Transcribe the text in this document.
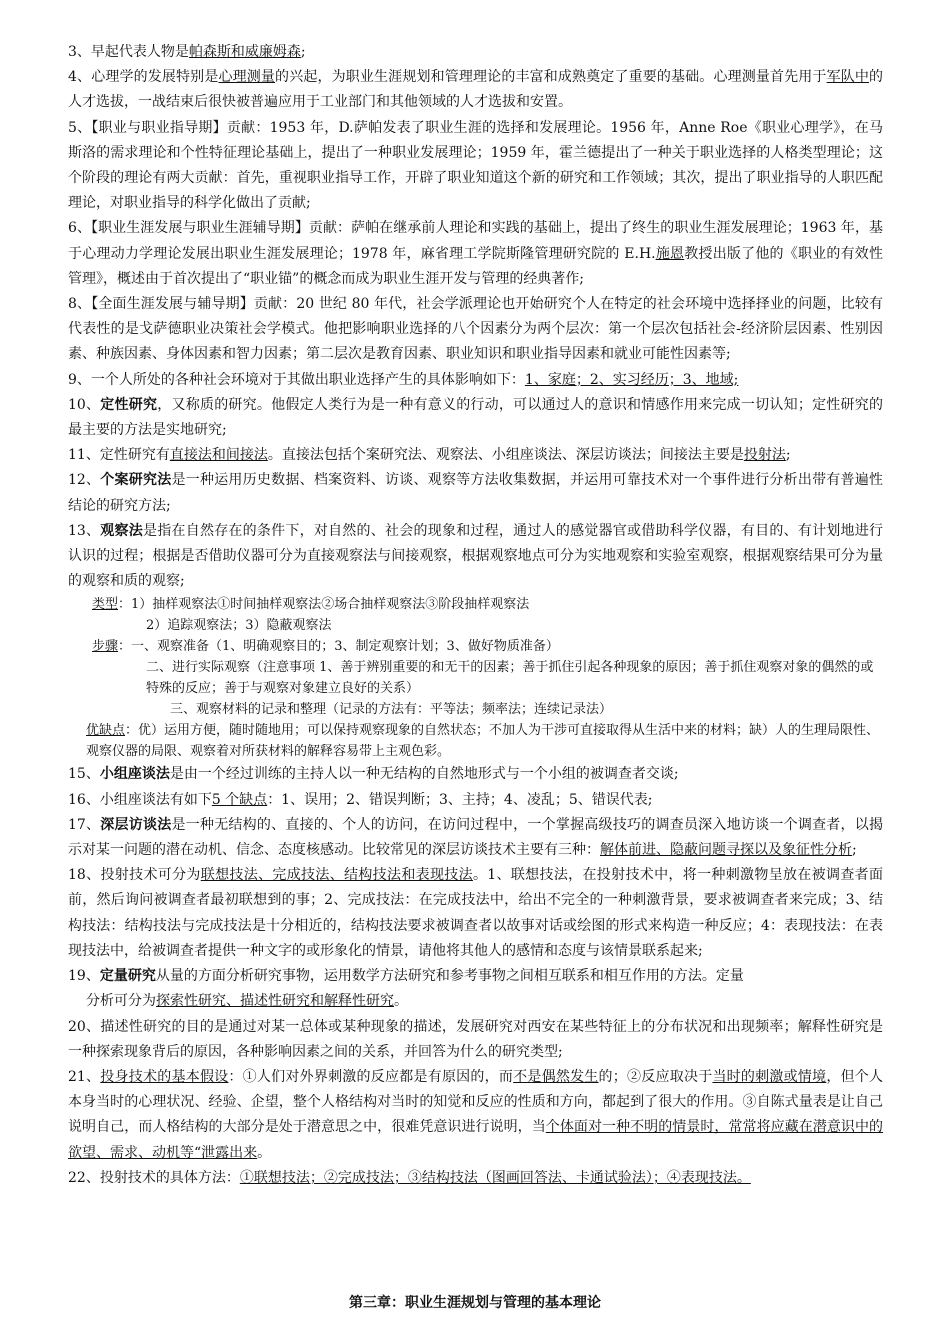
3、早起代表人物是帕森斯和威廉姆森;
4、心理学的发展特别是心理测量的兴起，为职业生涯规划和管理理论的丰富和成熟奠定了重要的基础。心理测量首先用于军队中的人才选拔，一战结束后很快被普遍应用于工业部门和其他领域的人才选拔和安置。
5、【职业与职业指导期】贡献：1953 年，D.萨帕发表了职业生涯的选择和发展理论。1956 年，Anne Roe《职业心理学》，在马斯洛的需求理论和个性特征理论基础上，提出了一种职业发展理论；1959 年，霍兰德提出了一种关于职业选择的人格类型理论；这个阶段的理论有两大贡献：首先，重视职业指导工作，开辟了职业知道这个新的研究和工作领域；其次，提出了职业指导的人职匹配理论，对职业指导的科学化做出了贡献;
6、【职业生涯发展与职业生涯辅导期】贡献：萨帕在继承前人理论和实践的基础上，提出了终生的职业生涯发展理论；1963 年，基于心理动力学理论发展出职业生涯发展理论；1978 年，麻省理工学院斯隆管理研究院的 E.H.施恩教授出版了他的《职业的有效性管理》，概述由于首次提出了“职业锚”的概念而成为职业生涯开发与管理的经典著作;
8、【全面生涯发展与辅导期】贡献：20 世纪 80 年代，社会学派理论也开始研究个人在特定的社会环境中选择择业的问题，比较有代表性的是戈萨德职业决策社会学模式。他把影响职业选择的八个因素分为两个层次：第一个层次包括社会-经济阶层因素、性别因素、种族因素、身体因素和智力因素；第二层次是教育因素、职业知识和职业指导因素和就业可能性因素等;
9、一个人所处的各种社会环境对于其做出职业选择产生的具体影响如下：1、家庭；2、实习经历；3、地域;
10、定性研究，又称质的研究。他假定人类行为是一种有意义的行动，可以通过人的意识和情感作用来完成一切认知；定性研究的最主要的方法是实地研究;
11、定性研究有直接法和间接法。直接法包括个案研究法、观察法、小组座谈法、深层访谈法；间接法主要是投射法;
12、个案研究法是一种运用历史数据、档案资料、访谈、观察等方法收集数据，并运用可靠技术对一个事件进行分析出带有普遍性结论的研究方法;
13、观察法是指在自然存在的条件下，对自然的、社会的现象和过程，通过人的感觉器官或借助科学仪器，有目的、有计划地进行认识的过程；根据是否借助仪器可分为直接观察法与间接观察，根据观察地点可分为实地观察和实验室观察，根据观察结果可分为量的观察和质的观察;
类型：1）抽样观察法①时间抽样观察法②场合抽样观察法③阶段抽样观察法
2）追踪观察法；3）隐蔽观察法
步骤：一、观察准备（1、明确观察目的；3、制定观察计划；3、做好物质准备）
二、进行实际观察（注意事项 1、善于辨别重要的和无干的因素；善于抓住引起各种现象的原因；善于抓住观察对象的偶然的或特殊的反应；善于与观察对象建立良好的关系）
三、观察材料的记录和整理（记录的方法有：平等法；频率法；连续记录法）
优缺点：优）运用方便，随时随地用；可以保持观察现象的自然状态；不加人为干涉可直接取得从生活中来的材料；缺）人的生理局限性、观察仪器的局限、观察着对所获材料的解释容易带上主观色彩。
15、小组座谈法是由一个经过训练的主持人以一种无结构的自然地形式与一个小组的被调查者交谈;
16、小组座谈法有如下5 个缺点：1、误用；2、错误判断；3、主持；4、凌乱；5、错误代表;
17、深层访谈法是一种无结构的、直接的、个人的访问，在访问过程中，一个掌握高级技巧的调查员深入地访谈一个调查者，以揭示对某一问题的潜在动机、信念、态度核感动。比较常见的深层访谈技术主要有三种：解体前进、隐蔽问题寻探以及象征性分析;
18、投射技术可分为联想技法、完成技法、结构技法和表现技法。1、联想技法，在投射技术中，将一种刺激物呈放在被调查者面前，然后询问被调查者最初联想到的事；2、完成技法：在完成技法中，给出不完全的一种刺激背景，要求被调查者来完成；3、结构技法：结构技法与完成技法是十分相近的，结构技法要求被调查者以故事对话或绘图的形式来构造一种反应；4：表现技法：在表现技法中，给被调查者提供一种文字的或形象化的情景，请他将其他人的感情和态度与该情景联系起来;
19、定量研究从量的方面分析研究事物，运用数学方法研究和参考事物之间相互联系和相互作用的方法。定量
分析可分为探索性研究、描述性研究和解释性研究。
20、描述性研究的目的是通过对某一总体或某种现象的描述，发展研究对西安在某些特征上的分布状况和出现频率；解释性研究是一种探索现象背后的原因，各种影响因素之间的关系，并回答为什么的研究类型;
21、投身技术的基本假设：①人们对外界刺激的反应都是有原因的，而不是偶然发生的；②反应取决于当时的刺激或情境，但个人本身当时的心理状况、经验、企望，整个人格结构对当时的知觉和反应的性质和方向，都起到了很大的作用。③自陈式量表是让自己说明自己，而人格结构的大部分是处于潜意思之中，很难凭意识进行说明，当个体面对一种不明的情景时，常常将应藏在潜意识中的欲望、需求、动机等“泄露出来。
22、投射技术的具体方法：①联想技法；②完成技法；③结构技法（图画回答法、卡通试验法）；④表现技法。
第三章：职业生涯规划与管理的基本理论
